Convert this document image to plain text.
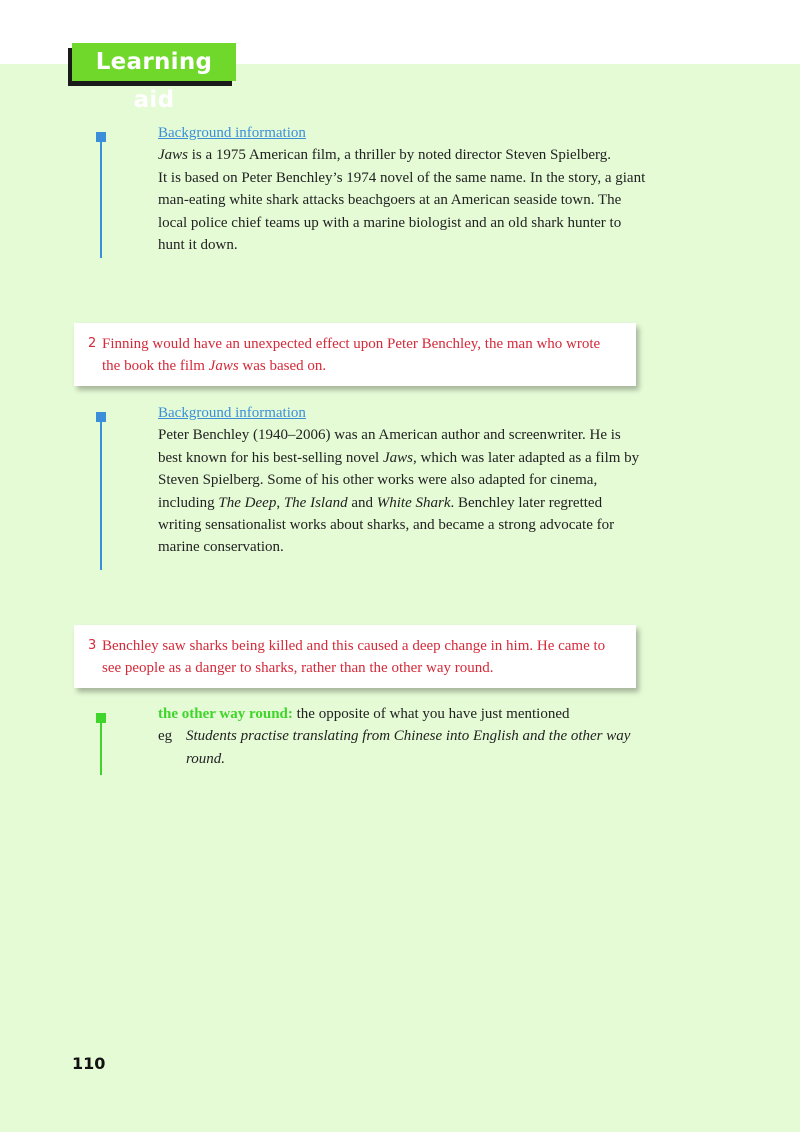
Learning aid

Background information

Jaws is a 1975 American film, a thriller by noted director Steven Spielberg.

It is based on Peter Benchley’s 1974 novel of the same name. In the story, a giant man-eating white shark attacks beachgoers at an American seaside town. The local police chief teams up with a marine biologist and an old shark hunter to hunt it down.

2 Finning would have an unexpected effect upon Peter Benchley, the man who wrote the book the film Jaws was based on.

Background information

Peter Benchley (1940–2006) was an American author and screenwriter. He is best known for his best-selling novel Jaws, which was later adapted as a film by Steven Spielberg. Some of his other works were also adapted for cinema, including The Deep, The Island and White Shark. Benchley later regretted writing sensationalist works about sharks, and became a strong advocate for marine conservation.

3 Benchley saw sharks being killed and this caused a deep change in him. He came to see people as a danger to sharks, rather than the other way round.

the other way round: the opposite of what you have just mentioned

eg Students practise translating from Chinese into English and the other way round.
110
